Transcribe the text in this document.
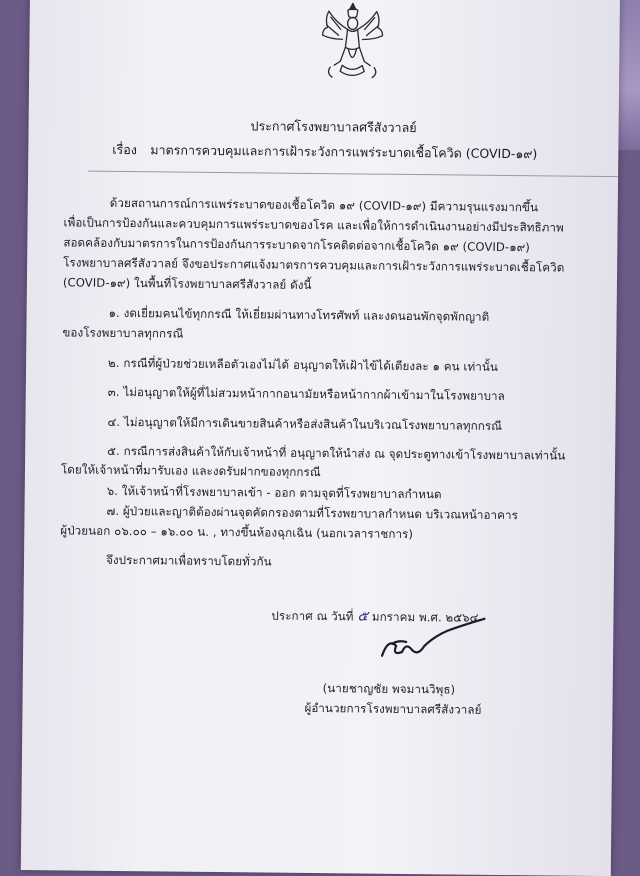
ประกาศโรงพยาบาลศรีสังวาลย์
เรื่อง มาตรการควบคุมและการเฝ้าระวังการแพร่ระบาดเชื้อโควิด (COVID-๑๙)
ด้วยสถานการณ์การแพร่ระบาดของเชื้อโควิด ๑๙ (COVID-๑๙) มีความรุนแรงมากขึ้น
เพื่อเป็นการป้องกันและควบคุมการแพร่ระบาดของโรค และเพื่อให้การดำเนินงานอย่างมีประสิทธิภาพ
สอดคล้องกับมาตรการในการป้องกันการระบาดจากโรคติดต่อจากเชื้อโควิด ๑๙ (COVID-๑๙)
โรงพยาบาลศรีสังวาลย์ จึงขอประกาศแจ้งมาตรการควบคุมและการเฝ้าระวังการแพร่ระบาดเชื้อโควิด
(COVID-๑๙) ในพื้นที่โรงพยาบาลศรีสังวาลย์ ดังนี้
๑. งดเยี่ยมคนไข้ทุกกรณี ให้เยี่ยมผ่านทางโทรศัพท์ และงดนอนพักจุดพักญาติ
ของโรงพยาบาลทุกกรณี
๒. กรณีที่ผู้ป่วยช่วยเหลือตัวเองไม่ได้ อนุญาตให้เฝ้าไข้ได้เตียงละ ๑ คน เท่านั้น
๓. ไม่อนุญาตให้ผู้ที่ไม่สวมหน้ากากอนามัยหรือหน้ากากผ้าเข้ามาในโรงพยาบาล
๔. ไม่อนุญาตให้มีการเดินขายสินค้าหรือส่งสินค้าในบริเวณโรงพยาบาลทุกกรณี
๕. กรณีการส่งสินค้าให้กับเจ้าหน้าที่ อนุญาตให้นำส่ง ณ จุดประตูทางเข้าโรงพยาบาลเท่านั้น
โดยให้เจ้าหน้าที่มารับเอง และงดรับฝากของทุกกรณี
๖. ให้เจ้าหน้าที่โรงพยาบาลเข้า - ออก ตามจุดที่โรงพยาบาลกำหนด
๗. ผู้ป่วยและญาติต้องผ่านจุดคัดกรองตามที่โรงพยาบาลกำหนด บริเวณหน้าอาคาร
ผู้ป่วยนอก ๐๖.๐๐ – ๑๖.๐๐ น. , ทางขึ้นห้องฉุกเฉิน (นอกเวลาราชการ)
จึงประกาศมาเพื่อทราบโดยทั่วกัน
ประกาศ ณ วันที่ ๕ มกราคม พ.ศ. ๒๕๖๔
(นายชาญชัย พจมานวิพุธ)
ผู้อำนวยการโรงพยาบาลศรีสังวาลย์
